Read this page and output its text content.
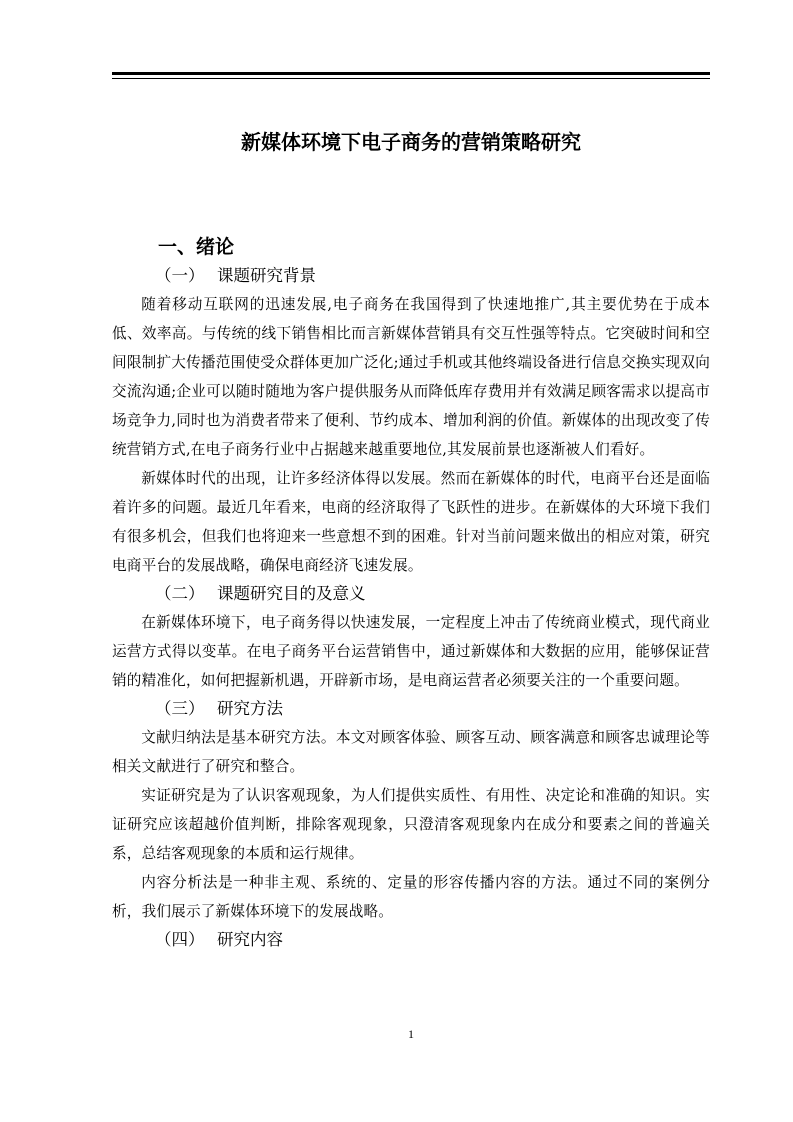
新媒体环境下电子商务的营销策略研究
一、绪论
（一） 课题研究背景

随着移动互联网的迅速发展,电子商务在我国得到了快速地推广,其主要优势在于成本低、效率高。与传统的线下销售相比而言新媒体营销具有交互性强等特点。它突破时间和空间限制扩大传播范围使受众群体更加广泛化;通过手机或其他终端设备进行信息交换实现双向交流沟通;企业可以随时随地为客户提供服务从而降低库存费用并有效满足顾客需求以提高市场竞争力,同时也为消费者带来了便利、节约成本、增加利润的价值。新媒体的出现改变了传统营销方式,在电子商务行业中占据越来越重要地位,其发展前景也逐渐被人们看好。

新媒体时代的出现，让许多经济体得以发展。然而在新媒体的时代，电商平台还是面临着许多的问题。最近几年看来，电商的经济取得了飞跃性的进步。在新媒体的大环境下我们有很多机会，但我们也将迎来一些意想不到的困难。针对当前问题来做出的相应对策，研究电商平台的发展战略，确保电商经济飞速发展。

（二） 课题研究目的及意义

在新媒体环境下，电子商务得以快速发展，一定程度上冲击了传统商业模式，现代商业运营方式得以变革。在电子商务平台运营销售中，通过新媒体和大数据的应用，能够保证营销的精准化，如何把握新机遇，开辟新市场，是电商运营者必须要关注的一个重要问题。

（三） 研究方法

文献归纳法是基本研究方法。本文对顾客体验、顾客互动、顾客满意和顾客忠诚理论等相关文献进行了研究和整合。

实证研究是为了认识客观现象，为人们提供实质性、有用性、决定论和准确的知识。实证研究应该超越价值判断，排除客观现象，只澄清客观现象内在成分和要素之间的普遍关系，总结客观现象的本质和运行规律。

内容分析法是一种非主观、系统的、定量的形容传播内容的方法。通过不同的案例分析，我们展示了新媒体环境下的发展战略。

（四） 研究内容
1
